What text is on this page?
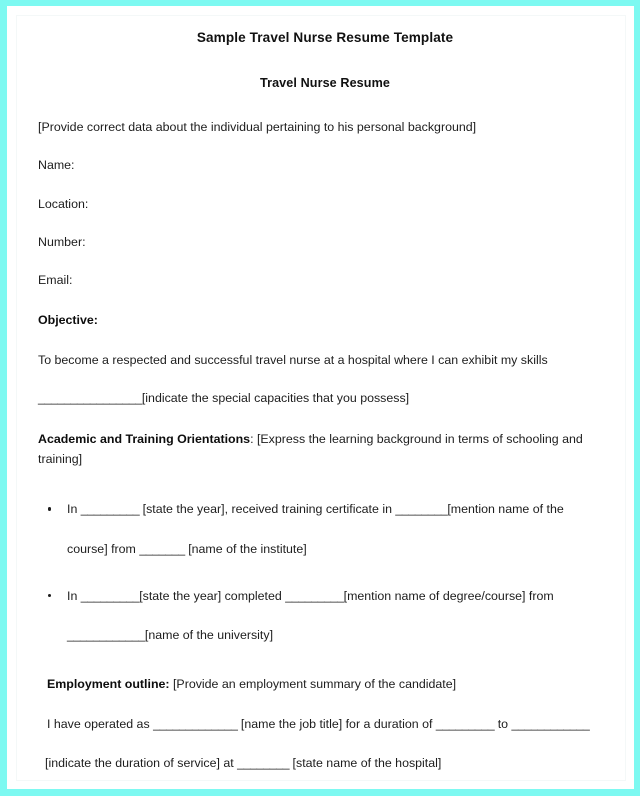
Sample Travel Nurse Resume Template
Travel Nurse Resume
[Provide correct data about the individual pertaining to his personal background]
Name:
Location:
Number:
Email:
Objective:
To become a respected and successful travel nurse at a hospital where I can exhibit my skills
________________[indicate the special capacities that you possess]
Academic and Training Orientations: [Express the learning background in terms of schooling and training]
In _________ [state the year], received training certificate in ________[mention name of the
course] from _______ [name of the institute]
In _________[state the year] completed _________[mention name of degree/course] from
____________[name of the university]
Employment outline: [Provide an employment summary of the candidate]
I have operated as _____________ [name the job title] for a duration of _________ to ____________
[indicate the duration of service] at ________ [state name of the hospital]
